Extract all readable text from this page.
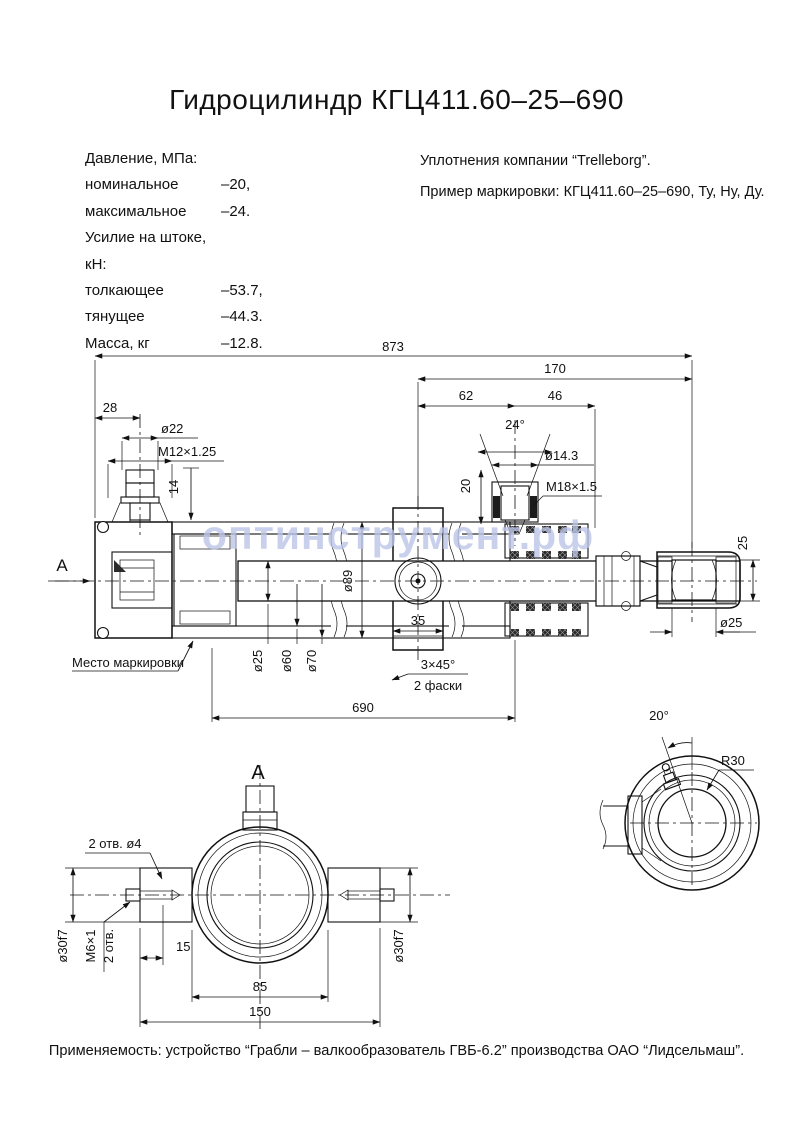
Гидроцилиндр КГЦ411.60–25–690
Давление, МПа:
номинальное	–20,
максимальное	–24.
Усилие на штоке, кН:
толкающее	–53.7,
тянущее	–44.3.
Масса, кг	–12.8.
Уплотнения компании “Trelleborg”.
Пример маркировки: КГЦ411.60–25–690, Ту, Ну, Ду.
873
170
62	46
28
ø22
M12×1.25
14
24°
ø14.3
20	M18×1.5
ø89
ø25 ø60 ø70
35
3×45°
2 фаски
690
Место маркировки
А
25
ø25
А
2 отв. ø4
ø30f7 М6×1 2 отв.	15
85
150
ø30f7
20°
R30
оптинструмент.рф
Применяемость: устройство “Грабли – валкообразователь ГВБ-6.2” производства ОАО “Лидсельмаш”.
